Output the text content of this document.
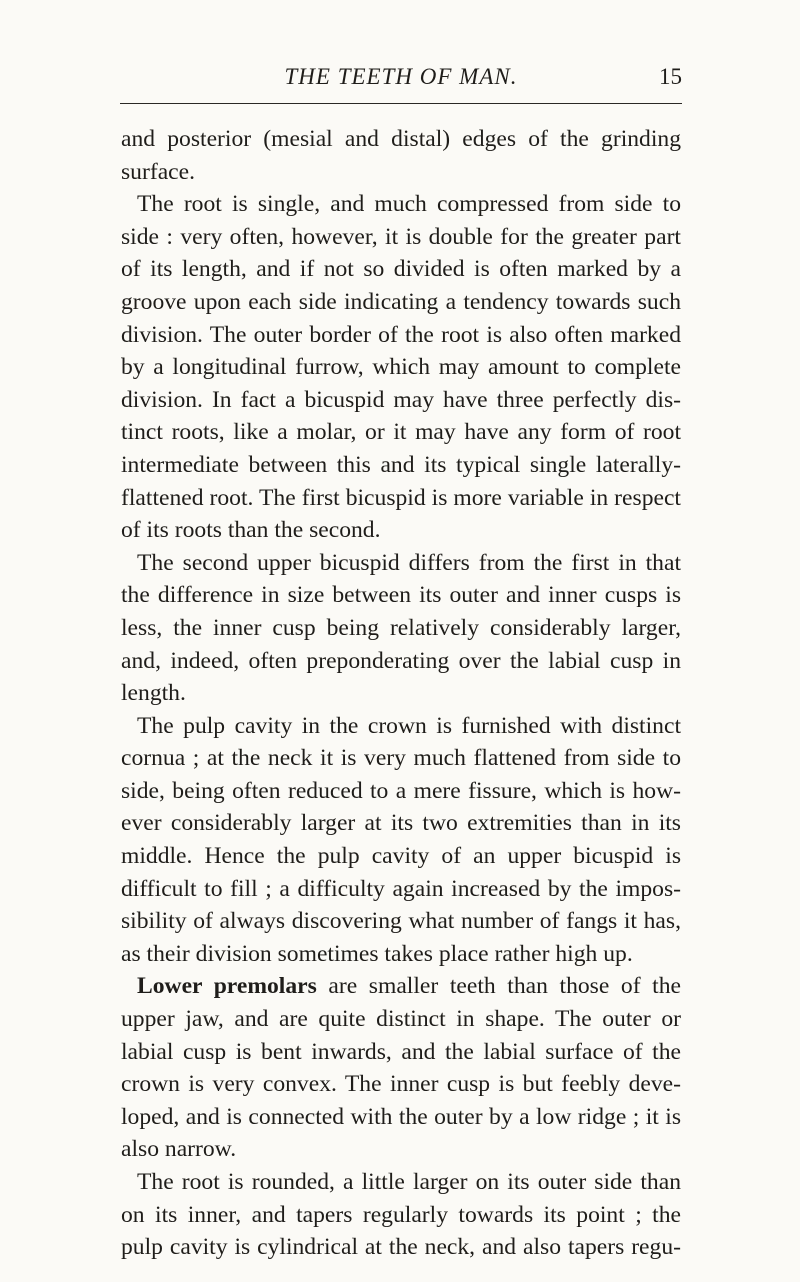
THE TEETH OF MAN.	15
and posterior (mesial and distal) edges of the grinding
surface.
The root is single, and much compressed from side to
side : very often, however, it is double for the greater part
of its length, and if not so divided is often marked by a
groove upon each side indicating a tendency towards such
division. The outer border of the root is also often marked
by a longitudinal furrow, which may amount to complete
division. In fact a bicuspid may have three perfectly dis-
tinct roots, like a molar, or it may have any form of root
intermediate between this and its typical single laterally-
flattened root. The first bicuspid is more variable in respect
of its roots than the second.
The second upper bicuspid differs from the first in that
the difference in size between its outer and inner cusps is
less, the inner cusp being relatively considerably larger,
and, indeed, often preponderating over the labial cusp in
length.
The pulp cavity in the crown is furnished with distinct
cornua ; at the neck it is very much flattened from side to
side, being often reduced to a mere fissure, which is how-
ever considerably larger at its two extremities than in its
middle. Hence the pulp cavity of an upper bicuspid is
difficult to fill ; a difficulty again increased by the impos-
sibility of always discovering what number of fangs it has,
as their division sometimes takes place rather high up.
Lower premolars are smaller teeth than those of the
upper jaw, and are quite distinct in shape. The outer or
labial cusp is bent inwards, and the labial surface of the
crown is very convex. The inner cusp is but feebly deve-
loped, and is connected with the outer by a low ridge ; it is
also narrow.
The root is rounded, a little larger on its outer side than
on its inner, and tapers regularly towards its point ; the
pulp cavity is cylindrical at the neck, and also tapers regu-
